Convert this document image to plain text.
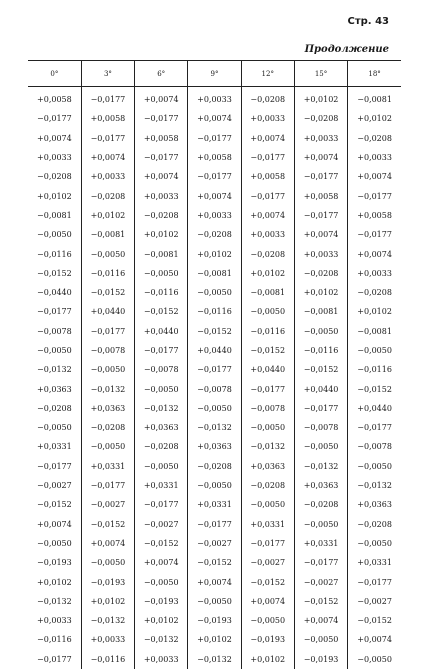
Стр. 43
Продолжение
0°	3°	6°	9°	12°	15°	18°
+0,0058	−0,0177	+0,0074	+0,0033	−0,0208	+0,0102	−0,0081
−0,0177	+0,0058	−0,0177	+0,0074	+0,0033	−0,0208	+0,0102
+0,0074	−0,0177	+0,0058	−0,0177	+0,0074	+0,0033	−0,0208
+0,0033	+0,0074	−0,0177	+0,0058	−0,0177	+0,0074	+0,0033
−0,0208	+0,0033	+0,0074	−0,0177	+0,0058	−0,0177	+0,0074
+0,0102	−0,0208	+0,0033	+0,0074	−0,0177	+0,0058	−0,0177
−0,0081	+0,0102	−0,0208	+0,0033	+0,0074	−0,0177	+0,0058
−0,0050	−0,0081	+0,0102	−0,0208	+0,0033	+0,0074	−0,0177
−0,0116	−0,0050	−0,0081	+0,0102	−0,0208	+0,0033	+0,0074
−0,0152	−0,0116	−0,0050	−0,0081	+0,0102	−0,0208	+0,0033
−0,0440	−0,0152	−0,0116	−0,0050	−0,0081	+0,0102	−0,0208
−0,0177	+0,0440	−0,0152	−0,0116	−0,0050	−0,0081	+0,0102
−0,0078	−0,0177	+0,0440	−0,0152	−0,0116	−0,0050	−0,0081
−0,0050	−0,0078	−0,0177	+0,0440	−0,0152	−0,0116	−0,0050
−0,0132	−0,0050	−0,0078	−0,0177	+0,0440	−0,0152	−0,0116
+0,0363	−0,0132	−0,0050	−0,0078	−0,0177	+0,0440	−0,0152
−0,0208	+0,0363	−0,0132	−0,0050	−0,0078	−0,0177	+0,0440
−0,0050	−0,0208	+0,0363	−0,0132	−0,0050	−0,0078	−0,0177
+0,0331	−0,0050	−0,0208	+0,0363	−0,0132	−0,0050	−0,0078
−0,0177	+0,0331	−0,0050	−0,0208	+0,0363	−0,0132	−0,0050
−0,0027	−0,0177	+0,0331	−0,0050	−0,0208	+0,0363	−0,0132
−0,0152	−0,0027	−0,0177	+0,0331	−0,0050	−0,0208	+0,0363
+0,0074	−0,0152	−0,0027	−0,0177	+0,0331	−0,0050	−0,0208
−0,0050	+0,0074	−0,0152	−0,0027	−0,0177	+0,0331	−0,0050
−0,0193	−0,0050	+0,0074	−0,0152	−0,0027	−0,0177	+0,0331
+0,0102	−0,0193	−0,0050	+0,0074	−0,0152	−0,0027	−0,0177
−0,0132	+0,0102	−0,0193	−0,0050	+0,0074	−0,0152	−0,0027
+0,0033	−0,0132	+0,0102	−0,0193	−0,0050	+0,0074	−0,0152
−0,0116	+0,0033	−0,0132	+0,0102	−0,0193	−0,0050	+0,0074
−0,0177	−0,0116	+0,0033	−0,0132	+0,0102	−0,0193	−0,0050
